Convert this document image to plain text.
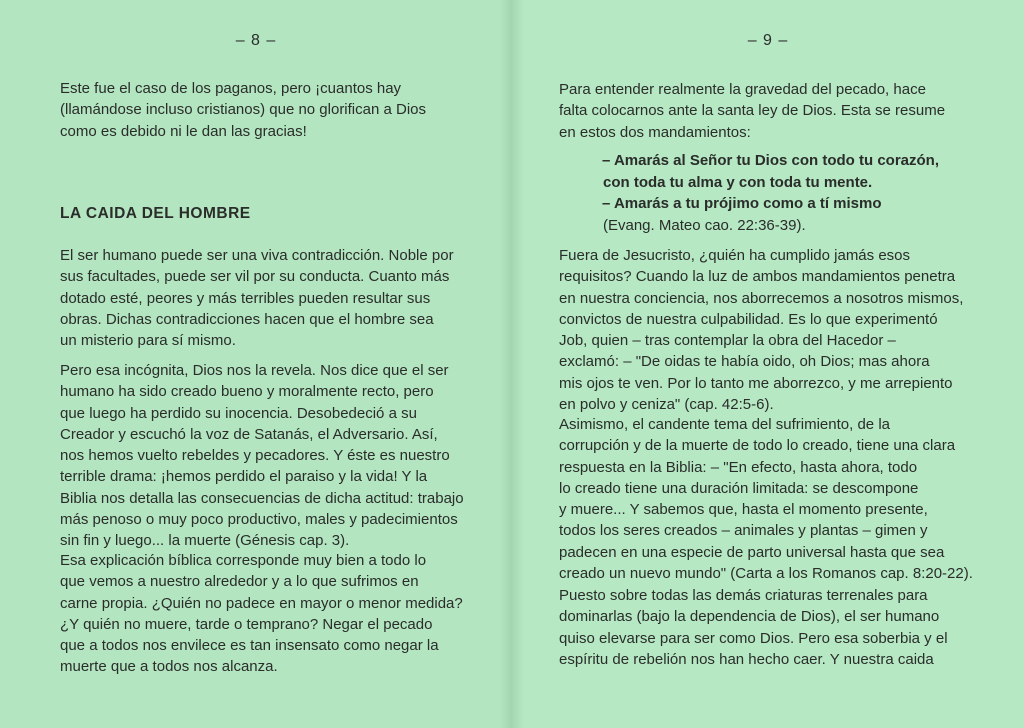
– 8 –

Este fue el caso de los paganos, pero ¡cuantos hay
(llamándose incluso cristianos) que no glorifican a Dios
como es debido ni le dan las gracias!

LA CAIDA DEL HOMBRE

El ser humano puede ser una viva contradicción. Noble por
sus facultades, puede ser vil por su conducta. Cuanto más
dotado esté, peores y más terribles pueden resultar sus
obras. Dichas contradicciones hacen que el hombre sea
un misterio para sí mismo.

Pero esa incógnita, Dios nos la revela. Nos dice que el ser
humano ha sido creado bueno y moralmente recto, pero
que luego ha perdido su inocencia. Desobedeció a su
Creador y escuchó la voz de Satanás, el Adversario. Así,
nos hemos vuelto rebeldes y pecadores. Y éste es nuestro
terrible drama: ¡hemos perdido el paraiso y la vida! Y la
Biblia nos detalla las consecuencias de dicha actitud: trabajo
más penoso o muy poco productivo, males y padecimientos
sin fin y luego... la muerte (Génesis cap. 3).

Esa explicación bíblica corresponde muy bien a todo lo
que vemos a nuestro alrededor y a lo que sufrimos en
carne propia. ¿Quién no padece en mayor o menor medida?
¿Y quién no muere, tarde o temprano? Negar el pecado
que a todos nos envilece es tan insensato como negar la
muerte que a todos nos alcanza.

– 9 –

Para entender realmente la gravedad del pecado, hace
falta colocarnos ante la santa ley de Dios. Esta se resume
en estos dos mandamientos:

– Amarás al Señor tu Dios con todo tu corazón,
con toda tu alma y con toda tu mente.
– Amarás a tu prójimo como a tí mismo
(Evang. Mateo cao. 22:36-39).

Fuera de Jesucristo, ¿quién ha cumplido jamás esos
requisitos? Cuando la luz de ambos mandamientos penetra
en nuestra conciencia, nos aborrecemos a nosotros mismos,
convictos de nuestra culpabilidad. Es lo que experimentó
Job, quien – tras contemplar la obra del Hacedor –
exclamó: – "De oidas te había oido, oh Dios; mas ahora
mis ojos te ven. Por lo tanto me aborrezco, y me arrepiento
en polvo y ceniza" (cap. 42:5-6).

Asimismo, el candente tema del sufrimiento, de la
corrupción y de la muerte de todo lo creado, tiene una clara
respuesta en la Biblia: – "En efecto, hasta ahora, todo
lo creado tiene una duración limitada: se descompone
y muere... Y sabemos que, hasta el momento presente,
todos los seres creados – animales y plantas – gimen y
padecen en una especie de parto universal hasta que sea
creado un nuevo mundo" (Carta a los Romanos cap. 8:20-22).

Puesto sobre todas las demás criaturas terrenales para
dominarlas (bajo la dependencia de Dios), el ser humano
quiso elevarse para ser como Dios. Pero esa soberbia y el
espíritu de rebelión nos han hecho caer. Y nuestra caida
